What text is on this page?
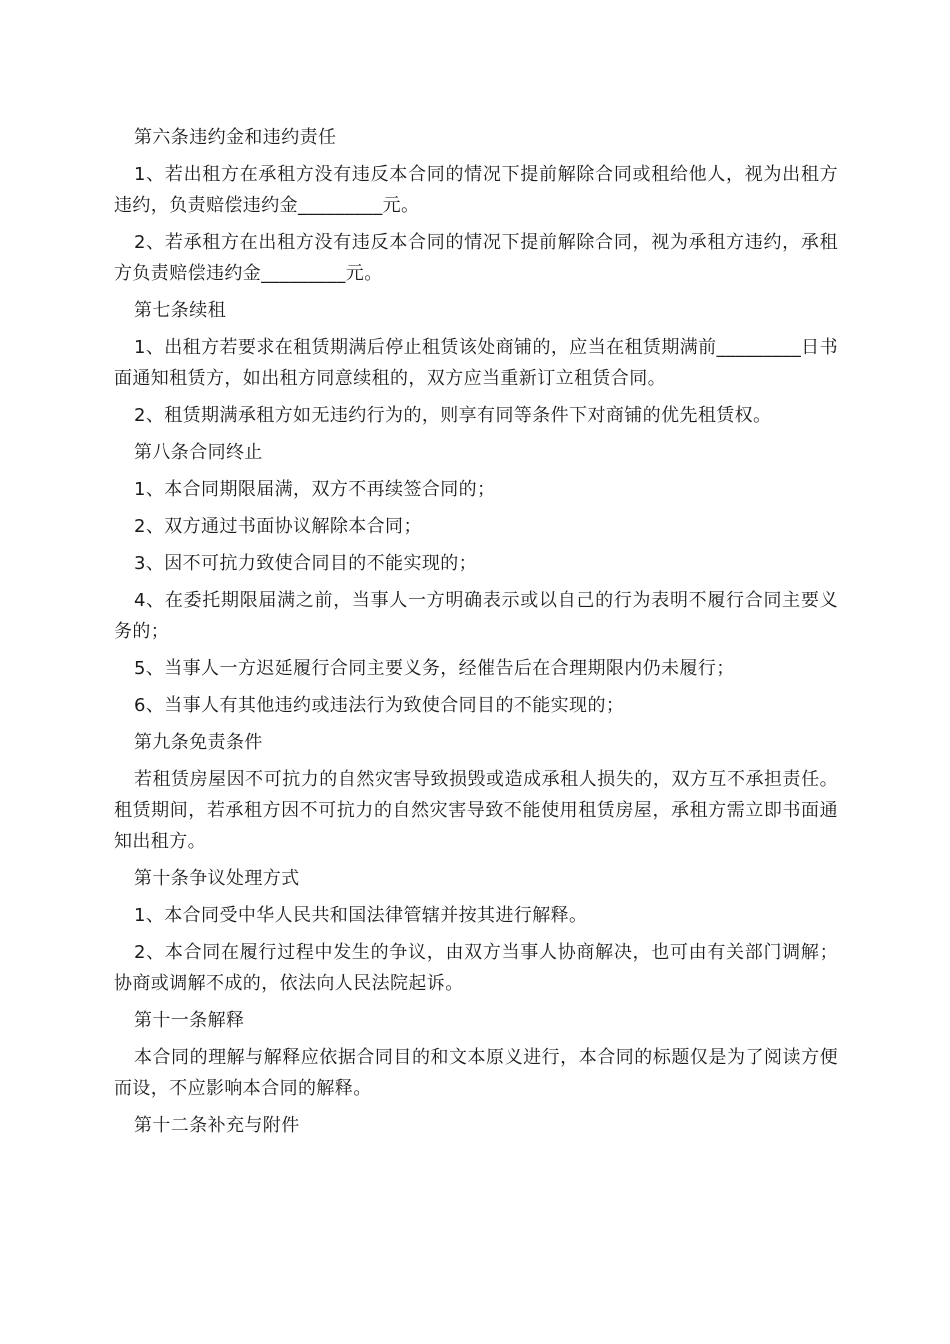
第六条违约金和违约责任

1、若出租方在承租方没有违反本合同的情况下提前解除合同或租给他人，视为出租方违约，负责赔偿违约金_________元。

2、若承租方在出租方没有违反本合同的情况下提前解除合同，视为承租方违约，承租方负责赔偿违约金_________元。

第七条续租

1、出租方若要求在租赁期满后停止租赁该处商铺的，应当在租赁期满前_________日书面通知租赁方，如出租方同意续租的，双方应当重新订立租赁合同。

2、租赁期满承租方如无违约行为的，则享有同等条件下对商铺的优先租赁权。

第八条合同终止

1、本合同期限届满，双方不再续签合同的；

2、双方通过书面协议解除本合同；

3、因不可抗力致使合同目的不能实现的；

4、在委托期限届满之前，当事人一方明确表示或以自己的行为表明不履行合同主要义务的；

5、当事人一方迟延履行合同主要义务，经催告后在合理期限内仍未履行；

6、当事人有其他违约或违法行为致使合同目的不能实现的；

第九条免责条件

若租赁房屋因不可抗力的自然灾害导致损毁或造成承租人损失的，双方互不承担责任。租赁期间，若承租方因不可抗力的自然灾害导致不能使用租赁房屋，承租方需立即书面通知出租方。

第十条争议处理方式

1、本合同受中华人民共和国法律管辖并按其进行解释。

2、本合同在履行过程中发生的争议，由双方当事人协商解决，也可由有关部门调解；协商或调解不成的，依法向人民法院起诉。

第十一条解释

本合同的理解与解释应依据合同目的和文本原义进行，本合同的标题仅是为了阅读方便而设，不应影响本合同的解释。

第十二条补充与附件
